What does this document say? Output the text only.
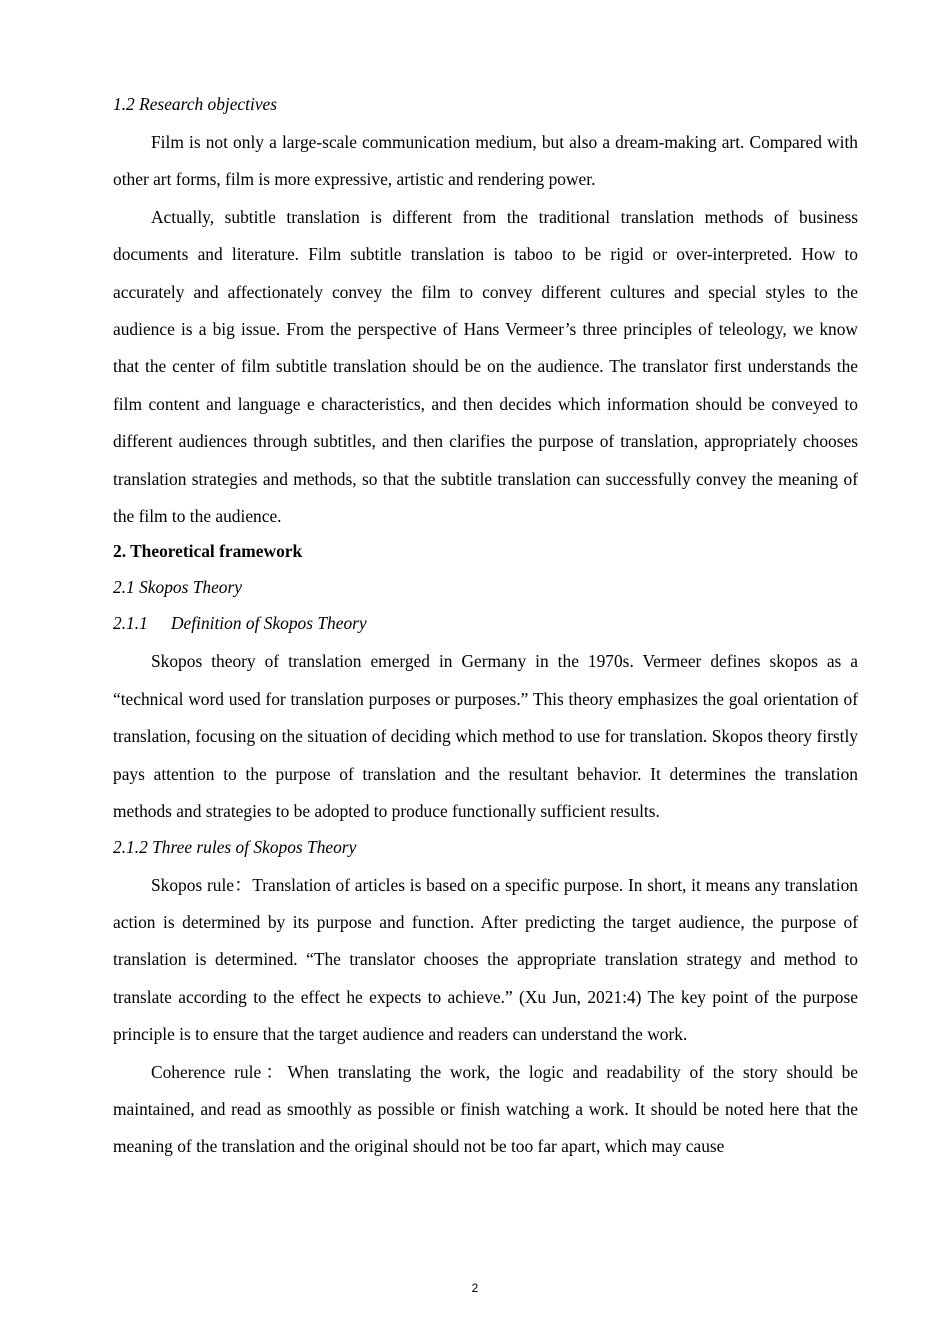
1.2 Research objectives

Film is not only a large-scale communication medium, but also a dream-making art. Compared with other art forms, film is more expressive, artistic and rendering power.

Actually, subtitle translation is different from the traditional translation methods of business documents and literature. Film subtitle translation is taboo to be rigid or over-interpreted. How to accurately and affectionately convey the film to convey different cultures and special styles to the audience is a big issue. From the perspective of Hans Vermeer’s three principles of teleology, we know that the center of film subtitle translation should be on the audience. The translator first understands the film content and language e characteristics, and then decides which information should be conveyed to different audiences through subtitles, and then clarifies the purpose of translation, appropriately chooses translation strategies and methods, so that the subtitle translation can successfully convey the meaning of the film to the audience.

2. Theoretical framework
2.1 Skopos Theory
2.1.1	Definition of Skopos Theory

Skopos theory of translation emerged in Germany in the 1970s. Vermeer defines skopos as a “technical word used for translation purposes or purposes.” This theory emphasizes the goal orientation of translation, focusing on the situation of deciding which method to use for translation. Skopos theory firstly pays attention to the purpose of translation and the resultant behavior. It determines the translation methods and strategies to be adopted to produce functionally sufficient results.

2.1.2 Three rules of Skopos Theory

Skopos rule：Translation of articles is based on a specific purpose. In short, it means any translation action is determined by its purpose and function. After predicting the target audience, the purpose of translation is determined. “The translator chooses the appropriate translation strategy and method to translate according to the effect he expects to achieve.” (Xu Jun, 2021:4) The key point of the purpose principle is to ensure that the target audience and readers can understand the work.

Coherence rule：When translating the work, the logic and readability of the story should be maintained, and read as smoothly as possible or finish watching a work. It should be noted here that the meaning of the translation and the original should not be too far apart, which may cause

2
